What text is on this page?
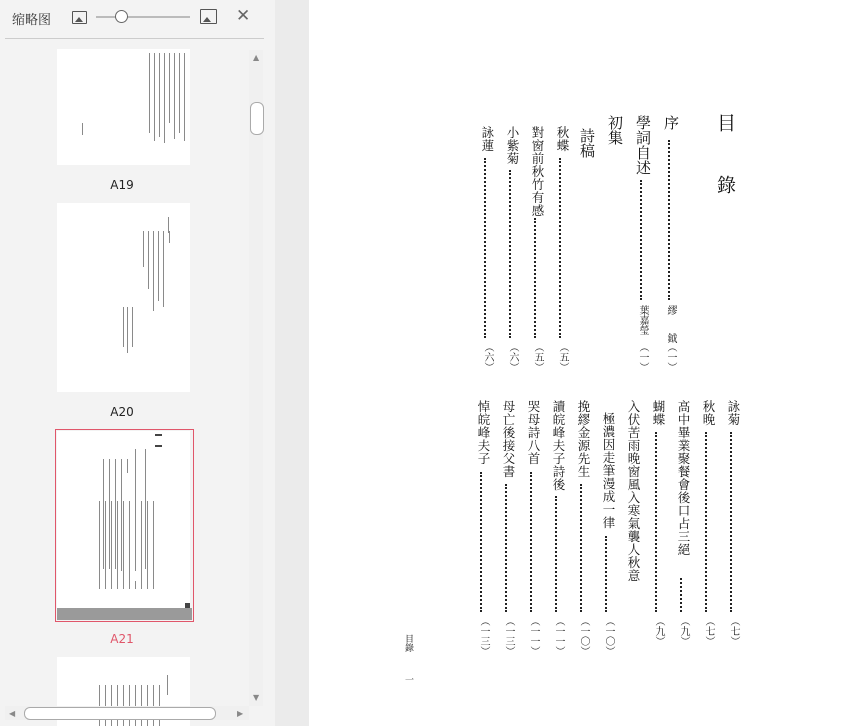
缩略图	✕
A19
A20
A21
▲
▼
◀	▶
目　錄
序
繆　鉞
（一）
學詞自述
葉嘉瑩
（一）
初集
詩稿
秋蝶
（五）
對窗前秋竹有感
（五）
小紫菊
（六）
詠蓮
（六）
詠菊
（七）
秋晚
（七）
高中畢業聚餐會後口占三絕
（九）
蝴蝶
（九）
入伏苦雨晚窗風入寒氣襲人秋意
極濃因走筆漫成一律
（一〇）
挽繆金源先生
（一〇）
讀皖峰夫子詩後
（一一）
哭母詩八首
（一一）
母亡後接父書
（一三）
悼皖峰夫子
（一三）
目錄
一
